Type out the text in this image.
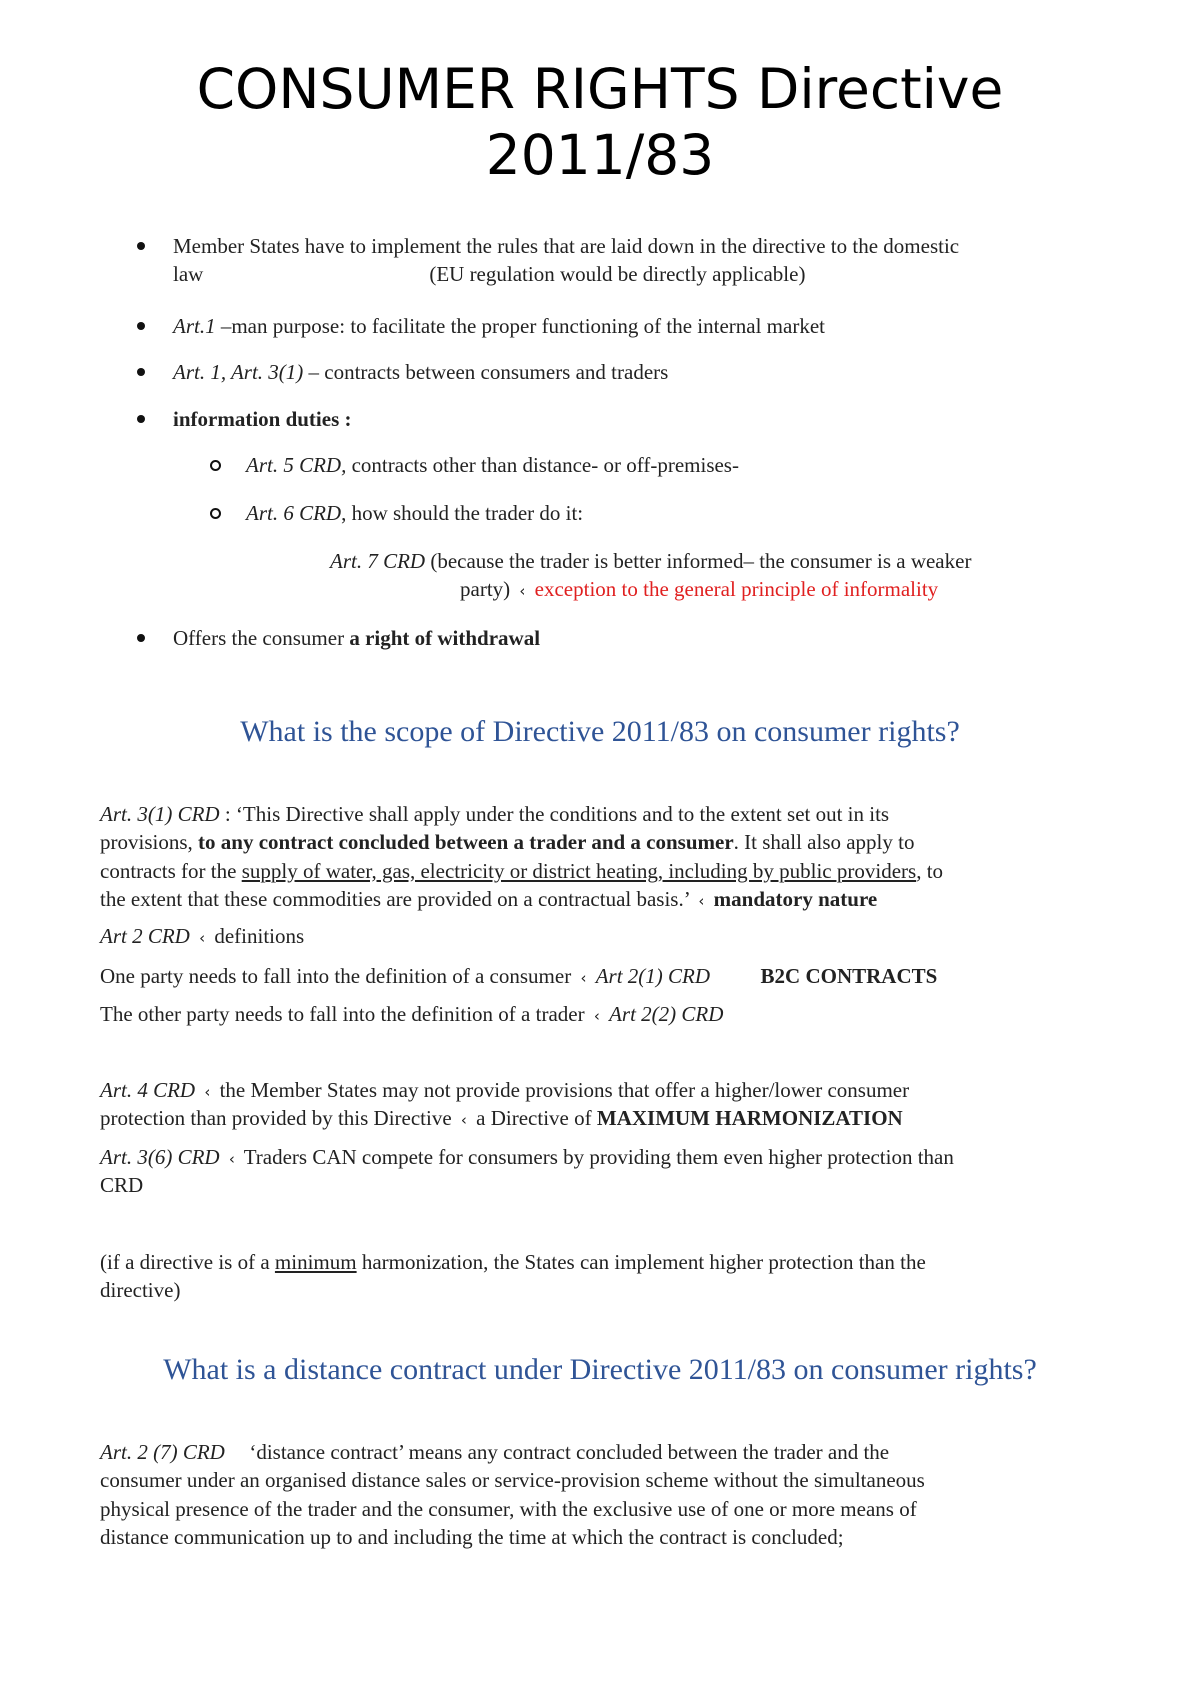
CONSUMER RIGHTS Directive
2011/83
Member States have to implement the rules that are laid down in the directive to the domestic
law	(EU regulation would be directly applicable)
Art.1 –man purpose: to facilitate the proper functioning of the internal market
Art. 1, Art. 3(1) – contracts between consumers and traders
information duties :
Art. 5 CRD, contracts other than distance- or off-premises-
Art. 6 CRD, how should the trader do it:
Art. 7 CRD (because the trader is better informed– the consumer is a weaker
party) ‹ exception to the general principle of informality
Offers the consumer a right of withdrawal
What is the scope of Directive 2011/83 on consumer rights?
Art. 3(1) CRD : ‘This Directive shall apply under the conditions and to the extent set out in its
provisions, to any contract concluded between a trader and a consumer. It shall also apply to
contracts for the supply of water, gas, electricity or district heating, including by public providers, to
the extent that these commodities are provided on a contractual basis.’ ‹ mandatory nature
Art 2 CRD ‹ definitions
One party needs to fall into the definition of a consumer ‹ Art 2(1) CRD B2C CONTRACTS
The other party needs to fall into the definition of a trader ‹ Art 2(2) CRD
Art. 4 CRD ‹ the Member States may not provide provisions that offer a higher/lower consumer
protection than provided by this Directive ‹ a Directive of MAXIMUM HARMONIZATION
Art. 3(6) CRD ‹ Traders CAN compete for consumers by providing them even higher protection than
CRD
(if a directive is of a minimum harmonization, the States can implement higher protection than the
directive)
What is a distance contract under Directive 2011/83 on consumer rights?
Art. 2 (7) CRD ‘distance contract’ means any contract concluded between the trader and the
consumer under an organised distance sales or service-provision scheme without the simultaneous
physical presence of the trader and the consumer, with the exclusive use of one or more means of
distance communication up to and including the time at which the contract is concluded;
